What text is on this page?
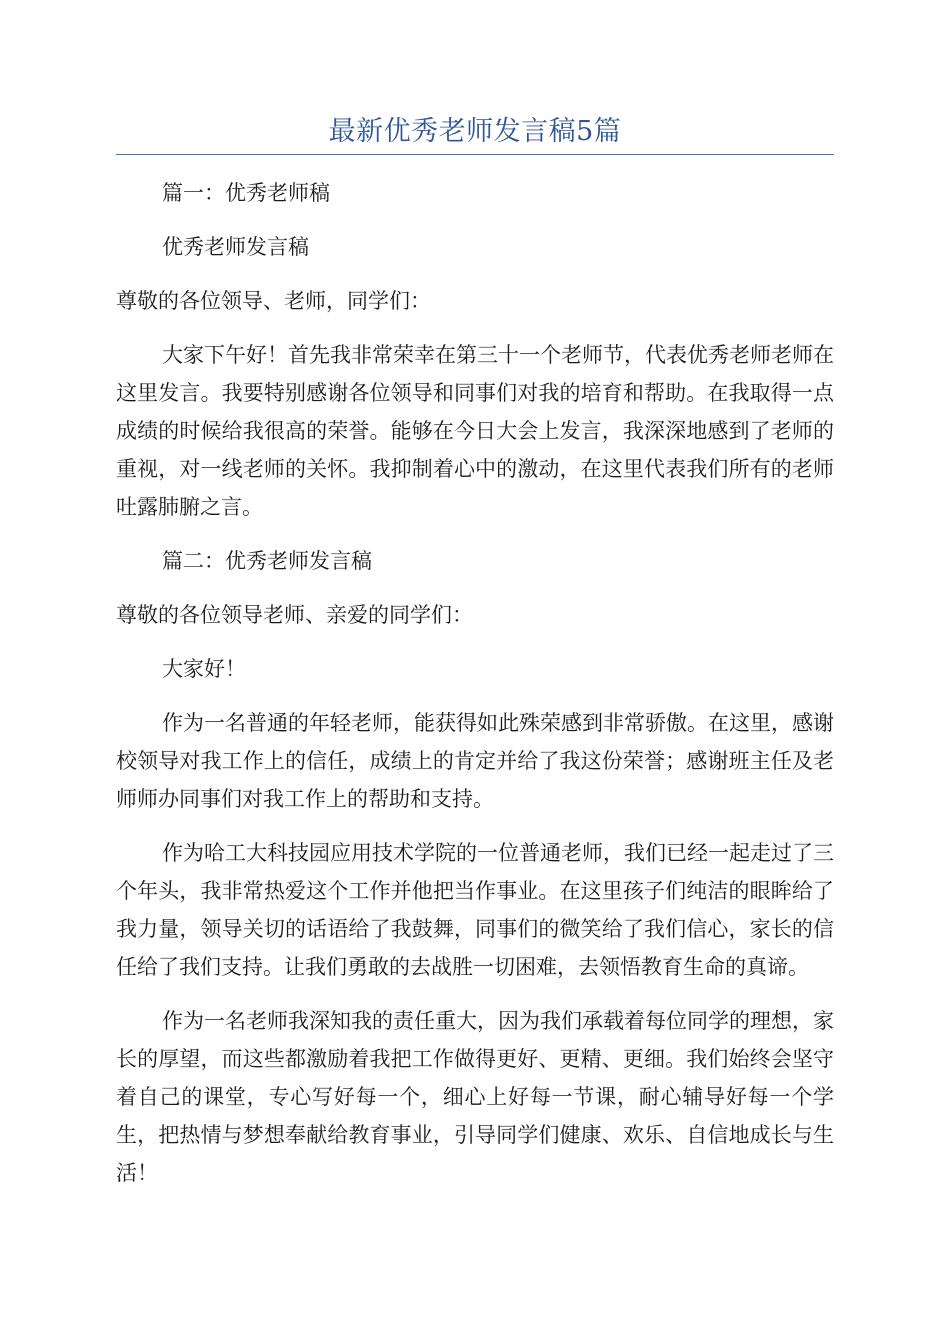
最新优秀老师发言稿5篇

篇一：优秀老师稿

优秀老师发言稿

尊敬的各位领导、老师，同学们：

大家下午好！首先我非常荣幸在第三十一个老师节，代表优秀老师老师在这里发言。我要特别感谢各位领导和同事们对我的培育和帮助。在我取得一点成绩的时候给我很高的荣誉。能够在今日大会上发言，我深深地感到了老师的重视，对一线老师的关怀。我抑制着心中的激动，在这里代表我们所有的老师吐露肺腑之言。

篇二：优秀老师发言稿

尊敬的各位领导老师、亲爱的同学们：

大家好！

作为一名普通的年轻老师，能获得如此殊荣感到非常骄傲。在这里，感谢校领导对我工作上的信任，成绩上的肯定并给了我这份荣誉；感谢班主任及老师师办同事们对我工作上的帮助和支持。

作为哈工大科技园应用技术学院的一位普通老师，我们已经一起走过了三个年头，我非常热爱这个工作并他把当作事业。在这里孩子们纯洁的眼眸给了我力量，领导关切的话语给了我鼓舞，同事们的微笑给了我们信心，家长的信任给了我们支持。让我们勇敢的去战胜一切困难，去领悟教育生命的真谛。

作为一名老师我深知我的责任重大，因为我们承载着每位同学的理想，家长的厚望，而这些都激励着我把工作做得更好、更精、更细。我们始终会坚守着自己的课堂，专心写好每一个，细心上好每一节课，耐心辅导好每一个学生，把热情与梦想奉献给教育事业，引导同学们健康、欢乐、自信地成长与生活！
